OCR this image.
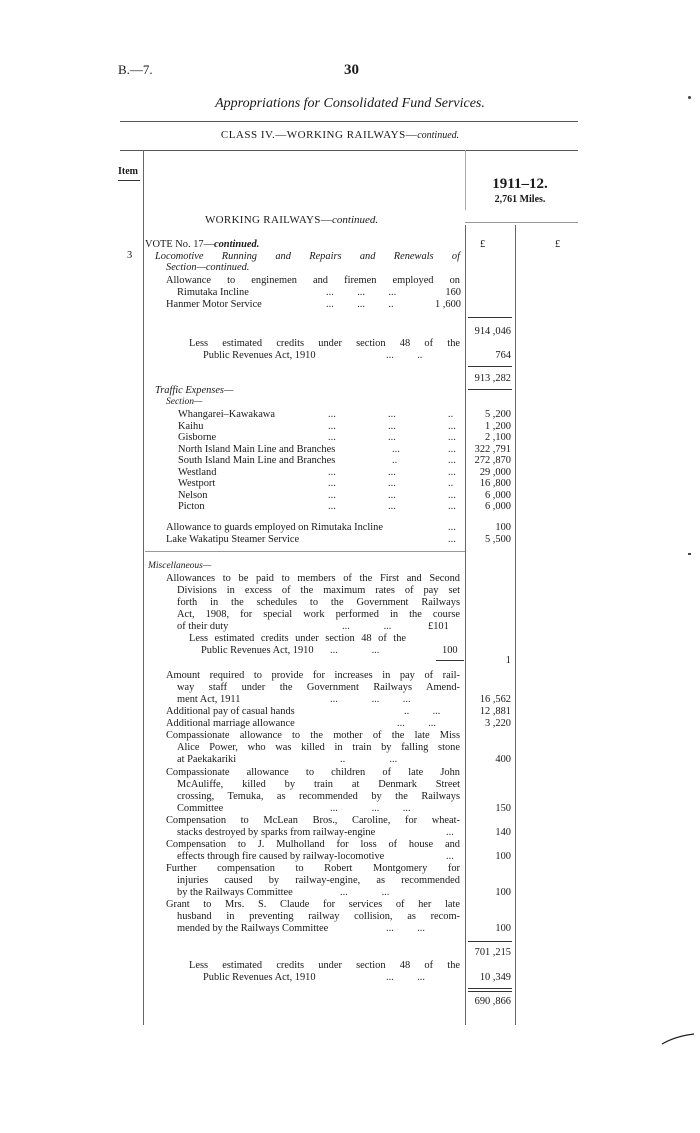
B.—7.	30
Appropriations for Consolidated Fund Services.
CLASS IV.—WORKING RAILWAYS—continued.
Item
1911–12.
2,761 Miles.
WORKING RAILWAYS—continued.
VOTE No. 17—continued.	£	£
3 Locomotive Running and Repairs and Renewals of
Section—continued.
Allowance to enginemen and firemen employed on
Rimutaka Incline	...   ...    ...	160
Hanmer Motor Service	...   ...    ..	1 ,600
914 ,046
Less estimated credits under section 48 of the
Public Revenues Act, 1910	...    ..	764
913 ,282
Traffic Expenses—
Section—
Whangarei–Kawakawa	...	...	..	5 ,200
Kaihu	...	...	...	1 ,200
Gisborne	...	...	...	2 ,100
North Island Main Line and Branches	...	...	322 ,791
South Island Main Line and Branches	..	...	272 ,870
Westland	...	...	...	29 ,000
Westport	...	...	..	16 ,800
Nelson	...	...	...	6 ,000
Picton	...	...	...	6 ,000
Allowance to guards employed on Rimutaka Incline	...	100
Lake Wakatipu Steamer Service	...	5 ,500
Miscellaneous—
Allowances to be paid to members of the First and Second
Divisions in excess of the maximum rates of pay set
forth in the schedules to the Government Railways
Act, 1908, for special work performed in the course
of their duty	...   	...	£101
Less estimated credits under section 48 of the
Public Revenues Act, 1910 ...   	...	100
1
Amount required to provide for increases in pay of rail-
way staff under the Government Railways Amend-
ment Act, 1911	...   	...    ...	16 ,562
Additional pay of casual hands	..    ...	12 ,881
Additional marriage allowance	...    ...	3 ,220
Compassionate allowance to the mother of the late Miss
Alice Power, who was killed in train by falling stone
at Paekakariki	..    	...	400
Compassionate allowance to children of late John
McAuliffe, killed by train at Denmark Street
crossing, Temuka, as recommended by the Railways
Committee	...   	...    ...	150
Compensation to McLean Bros., Caroline, for wheat-
stacks destroyed by sparks from railway-engine	...	140
Compensation to J. Mulholland for loss of house and
effects through fire caused by railway-locomotive	...	100
Further compensation to Robert Montgomery for
injuries caused by railway-engine, as recommended
by the Railways Committee	...   	...	100
Grant to Mrs. S. Claude for services of her late
husband in preventing railway collision, as recom-
mended by the Railways Committee	...   ...	100
701 ,215
Less estimated credits under section 48 of the
Public Revenues Act, 1910	...   ...	10 ,349
690 ,866
